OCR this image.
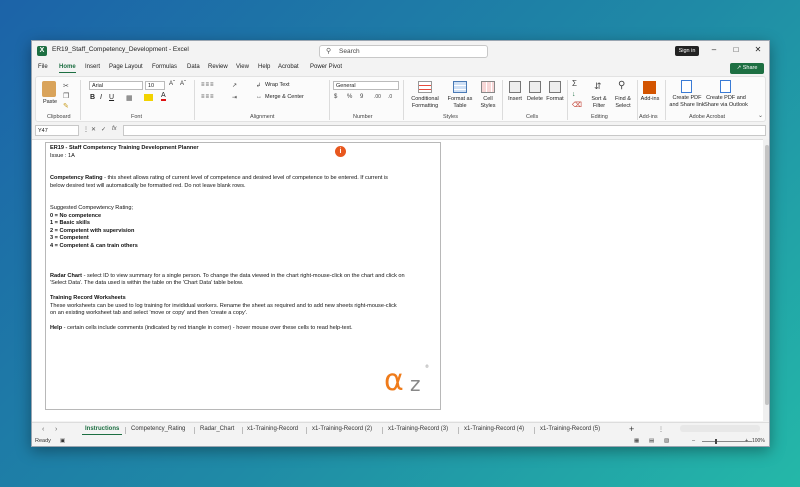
X	ER19_Staff_Competency_Development - Excel	⚲ Search	Sign in	–	□	✕
File Home Insert Page Layout Formulas Data Review View Help Acrobat Power Pivot	↗ Share
Paste
✂
❐
✎
Clipboard
Arial	10	Aˆ Aˇ
B I U ▦	A
Font
≡≡≡	↗
≡≡≡	⇥
↲ Wrap Text
↔ Merge & Center
Alignment
General
$ % 9 .00 .0
Number
Conditional
Formatting
Format as
Table
Cell
Styles
Styles
Insert Delete Format
Cells
Σ
↓
⌫
⇵
Sort &
Filter
⚲
Find &
Select
Editing
Add-ins
Add-ins
Create PDF
and Share link
Create PDF and
Share via Outlook
Adobe Acrobat	⌄
Y47	⋮ ✕ ✓ fx

ER19 - Staff Competency Training Development Planner

Issue : 1A

Competency Rating - this sheet allows rating of current level of competence and desired level of competence to be entered. If current is

below desired text will automatically be formatted red. Do not leave blank rows.

Suggested Compewtency Rating;

0 = No competence

1 = Basic skills

2 = Competent with supervision

3 = Competent

4 = Competent & can train others

Radar Chart - select ID to view summary for a single person. To change the data viewed in the chart right-mouse-click on the chart and click on

'Select Data'. The data used is within the table on the 'Chart Data' table below.

Training Record Worksheets

These worksheets can be used to log training for invididual workers. Rename the sheet as required and to add new sheets right-mouse-click

on an existing worksheet tab and select 'move or copy' and then 'create a copy'.

Help - certain cells include comments (indicated by red triangle in corner) - hover mouse over these cells to read help-text.

i
α z
®
‹ ›	Instructions Competency_Rating Radar_Chart x1-Training-Record x1-Training-Record (2)	x1-Training-Record (3)	x1-Training-Record (4)	x1-Training-Record (5)	+	⋮
Ready ▣	▦ ▤ ▧	–	+ 100%
